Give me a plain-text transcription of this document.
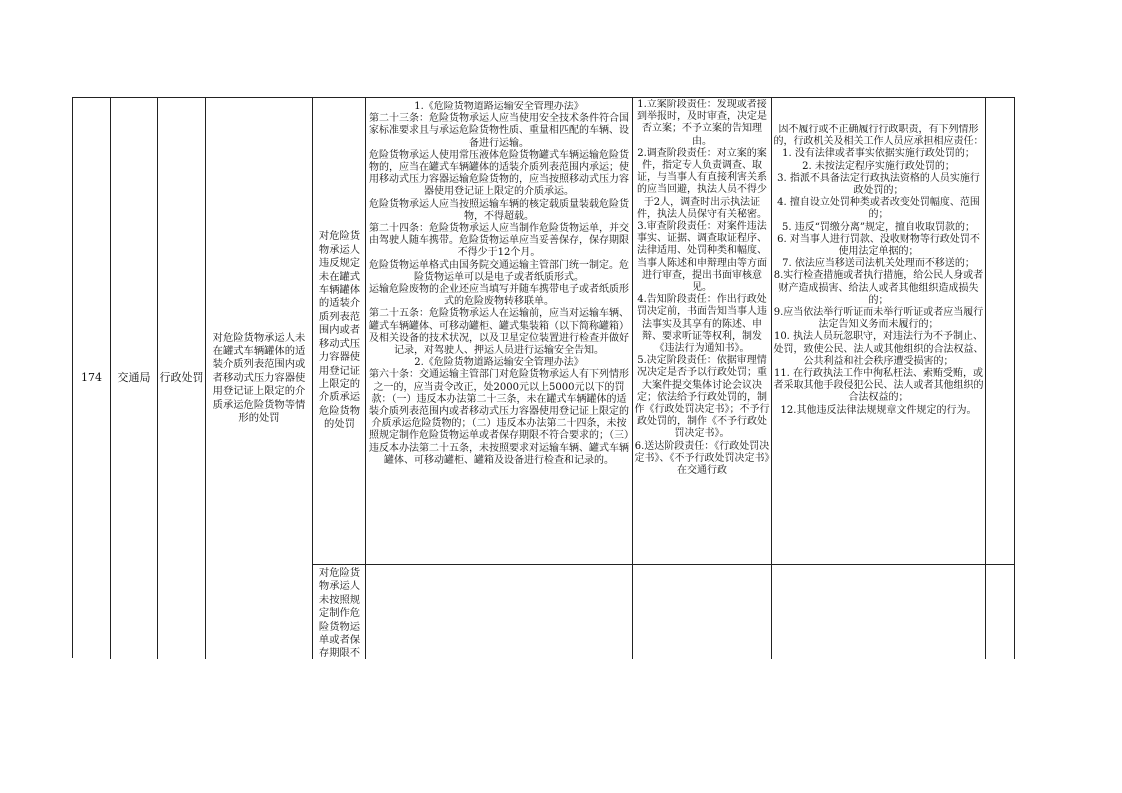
174	交通局 行政处罚
对危险货物承运人未在罐式车辆罐体的适装介质列表范围内或者移动式压力容器使用登记证上限定的介质承运危险货物等情形的处罚
对危险货物承运人违反规定未在罐式车辆罐体的适装介质列表范围内或者移动式压力容器使用登记证上限定的介质承运危险货物的处罚
对危险货物承运人未按照规定制作危险货物运单或者保存期限不
1.《危险货物道路运输安全管理办法》
第二十三条：危险货物承运人应当使用安全技术条件符合国家标准要求且与承运危险货物性质、重量相匹配的车辆、设备进行运输。
危险货物承运人使用常压液体危险货物罐式车辆运输危险货物的，应当在罐式车辆罐体的适装介质列表范围内承运；使用移动式压力容器运输危险货物的，应当按照移动式压力容器使用登记证上限定的介质承运。
危险货物承运人应当按照运输车辆的核定载质量装载危险货物，不得超载。
第二十四条：危险货物承运人应当制作危险货物运单，并交由驾驶人随车携带。危险货物运单应当妥善保存，保存期限不得少于12个月。
危险货物运单格式由国务院交通运输主管部门统一制定。危险货物运单可以是电子或者纸质形式。
运输危险废物的企业还应当填写并随车携带电子或者纸质形式的危险废物转移联单。
第二十五条：危险货物承运人在运输前，应当对运输车辆、罐式车辆罐体、可移动罐柜、罐式集装箱（以下简称罐箱）及相关设备的技术状况，以及卫星定位装置进行检查并做好记录，对驾驶人、押运人员进行运输安全告知。
2.《危险货物道路运输安全管理办法》
第六十条：交通运输主管部门对危险货物承运人有下列情形之一的，应当责令改正，处2000元以上5000元以下的罚款：（一）违反本办法第二十三条，未在罐式车辆罐体的适装介质列表范围内或者移动式压力容器使用登记证上限定的介质承运危险货物的；（二）违反本办法第二十四条，未按照规定制作危险货物运单或者保存期限不符合要求的；（三）违反本办法第二十五条，未按照要求对运输车辆、罐式车辆罐体、可移动罐柜、罐箱及设备进行检查和记录的。
1.立案阶段责任：发现或者接到举报时，及时审查，决定是否立案；不予立案的告知理由。
2.调查阶段责任：对立案的案件，指定专人负责调查、取证，与当事人有直接利害关系的应当回避，执法人员不得少于2人，调查时出示执法证件，执法人员保守有关秘密。
3.审查阶段责任：对案件违法事实、证据、调查取证程序、法律适用、处罚种类和幅度、当事人陈述和申辩理由等方面进行审查，提出书面审核意见。
4.告知阶段责任：作出行政处罚决定前，书面告知当事人违法事实及其享有的陈述、申辩、要求听证等权利，制发《违法行为通知书》。
5.决定阶段责任：依据审理情况决定是否予以行政处罚；重大案件提交集体讨论会议决定；依法给予行政处罚的，制作《行政处罚决定书》；不予行政处罚的，制作《不予行政处罚决定书》。
6.送达阶段责任：《行政处罚决定书》、《不予行政处罚决定书》在交通行政
因不履行或不正确履行行政职责，有下列情形的，行政机关及相关工作人员应承担相应责任：
1. 没有法律或者事实依据实施行政处罚的；
2. 未按法定程序实施行政处罚的；
3. 指派不具备法定行政执法资格的人员实施行政处罚的；
4. 擅自设立处罚种类或者改变处罚幅度、范围的；
5. 违反“罚缴分离”规定，擅自收取罚款的；
6. 对当事人进行罚款、没收财物等行政处罚不使用法定单据的；
7. 依法应当移送司法机关处理而不移送的；
8.实行检查措施或者执行措施，给公民人身或者财产造成损害、给法人或者其他组织造成损失的；
9.应当依法举行听证而未举行听证或者应当履行法定告知义务而未履行的；
10. 执法人员玩忽职守，对违法行为不予制止、处罚，致使公民、法人或其他组织的合法权益、公共利益和社会秩序遭受损害的；
11. 在行政执法工作中徇私枉法、索贿受贿，或者采取其他手段侵犯公民、法人或者其他组织的合法权益的；
12.其他违反法律法规规章文件规定的行为。
